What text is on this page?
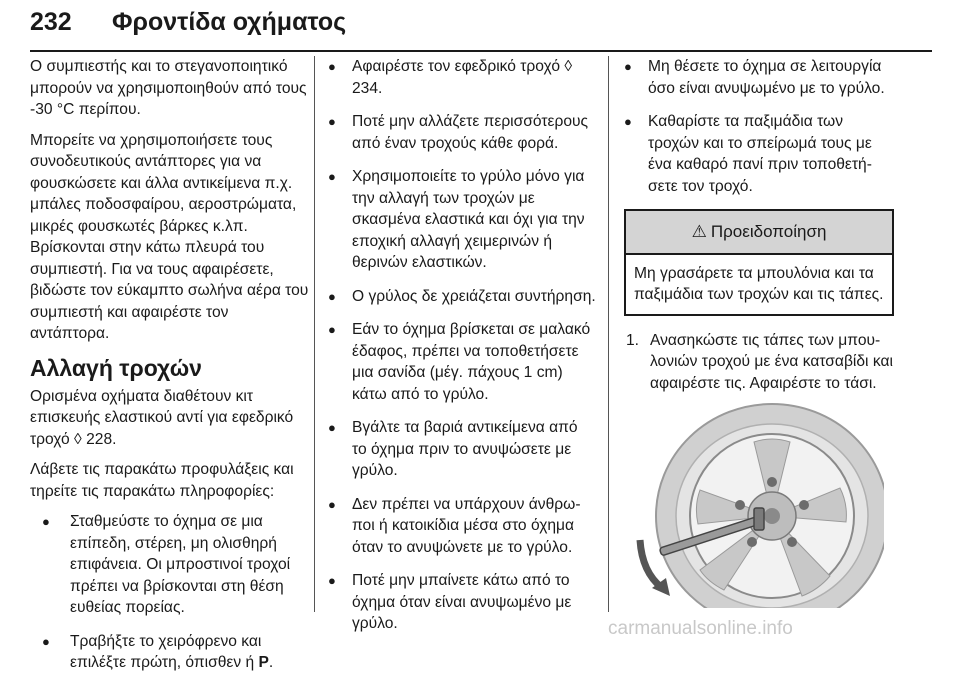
232 Φροντίδα οχήματος

Ο συμπιεστής και το στεγανοποιητικό μπορούν να χρησιμοποιηθούν από τους -30 °C περίπου.

Μπορείτε να χρησιμοποιήσετε τους συνοδευτικούς αντάπτορες για να φουσκώσετε και άλλα αντικείμενα π.χ. μπάλες ποδοσφαίρου, αεροστρώματα, μικρές φουσκωτές βάρκες κ.λπ. Βρίσκονται στην κάτω πλευρά του συμπιεστή. Για να τους αφαιρέσετε, βιδώστε τον εύκαμπτο σωλήνα αέρα του συμπιεστή και αφαιρέστε τον αντάπτορα.

Αλλαγή τροχών

Ορισμένα οχήματα διαθέτουν κιτ επισκευής ελαστικού αντί για εφεδρικό τροχό ◊ 228.

Λάβετε τις παρακάτω προφυλάξεις και τηρείτε τις παρακάτω πληροφορίες:

● Σταθμεύστε το όχημα σε μια επίπεδη, στέρεη, μη ολισθηρή επιφάνεια. Οι μπροστινοί τροχοί πρέπει να βρίσκονται στη θέση ευθείας πορείας.
● Τραβήξτε το χειρόφρενο και επιλέξτε πρώτη, όπισθεν ή P.
● Αφαιρέστε τον εφεδρικό τροχό ◊ 234.
● Ποτέ μην αλλάζετε περισσότερους από έναν τροχούς κάθε φορά.
● Χρησιμοποιείτε το γρύλο μόνο για την αλλαγή των τροχών με σκασμένα ελαστικά και όχι για την εποχική αλλαγή χειμερινών ή θερινών ελαστικών.
● Ο γρύλος δε χρειάζεται συντήρηση.
● Εάν το όχημα βρίσκεται σε μαλακό έδαφος, πρέπει να τοποθετήσετε μια σανίδα (μέγ. πάχους 1 cm) κάτω από το γρύλο.
● Βγάλτε τα βαριά αντικείμενα από το όχημα πριν το ανυψώσετε με γρύλο.
● Δεν πρέπει να υπάρχουν άνθρωποι ή κατοικίδια μέσα στο όχημα όταν το ανυψώνετε με το γρύλο.
● Ποτέ μην μπαίνετε κάτω από το όχημα όταν είναι ανυψωμένο με γρύλο.
● Μη θέσετε το όχημα σε λειτουργία όσο είναι ανυψωμένο με το γρύλο.
● Καθαρίστε τα παξιμάδια των τροχών και το σπείρωμά τους με ένα καθαρό πανί πριν τοποθετήσετε τον τροχό.
⚠ Προειδοποίηση
Μη γρασάρετε τα μπουλόνια και τα παξιμάδια των τροχών και τις τάπες.
1. Ανασηκώστε τις τάπες των μπουλονιών τροχού με ένα κατσαβίδι και αφαιρέστε τις. Αφαιρέστε το τάσι.
carmanualsonline.info
